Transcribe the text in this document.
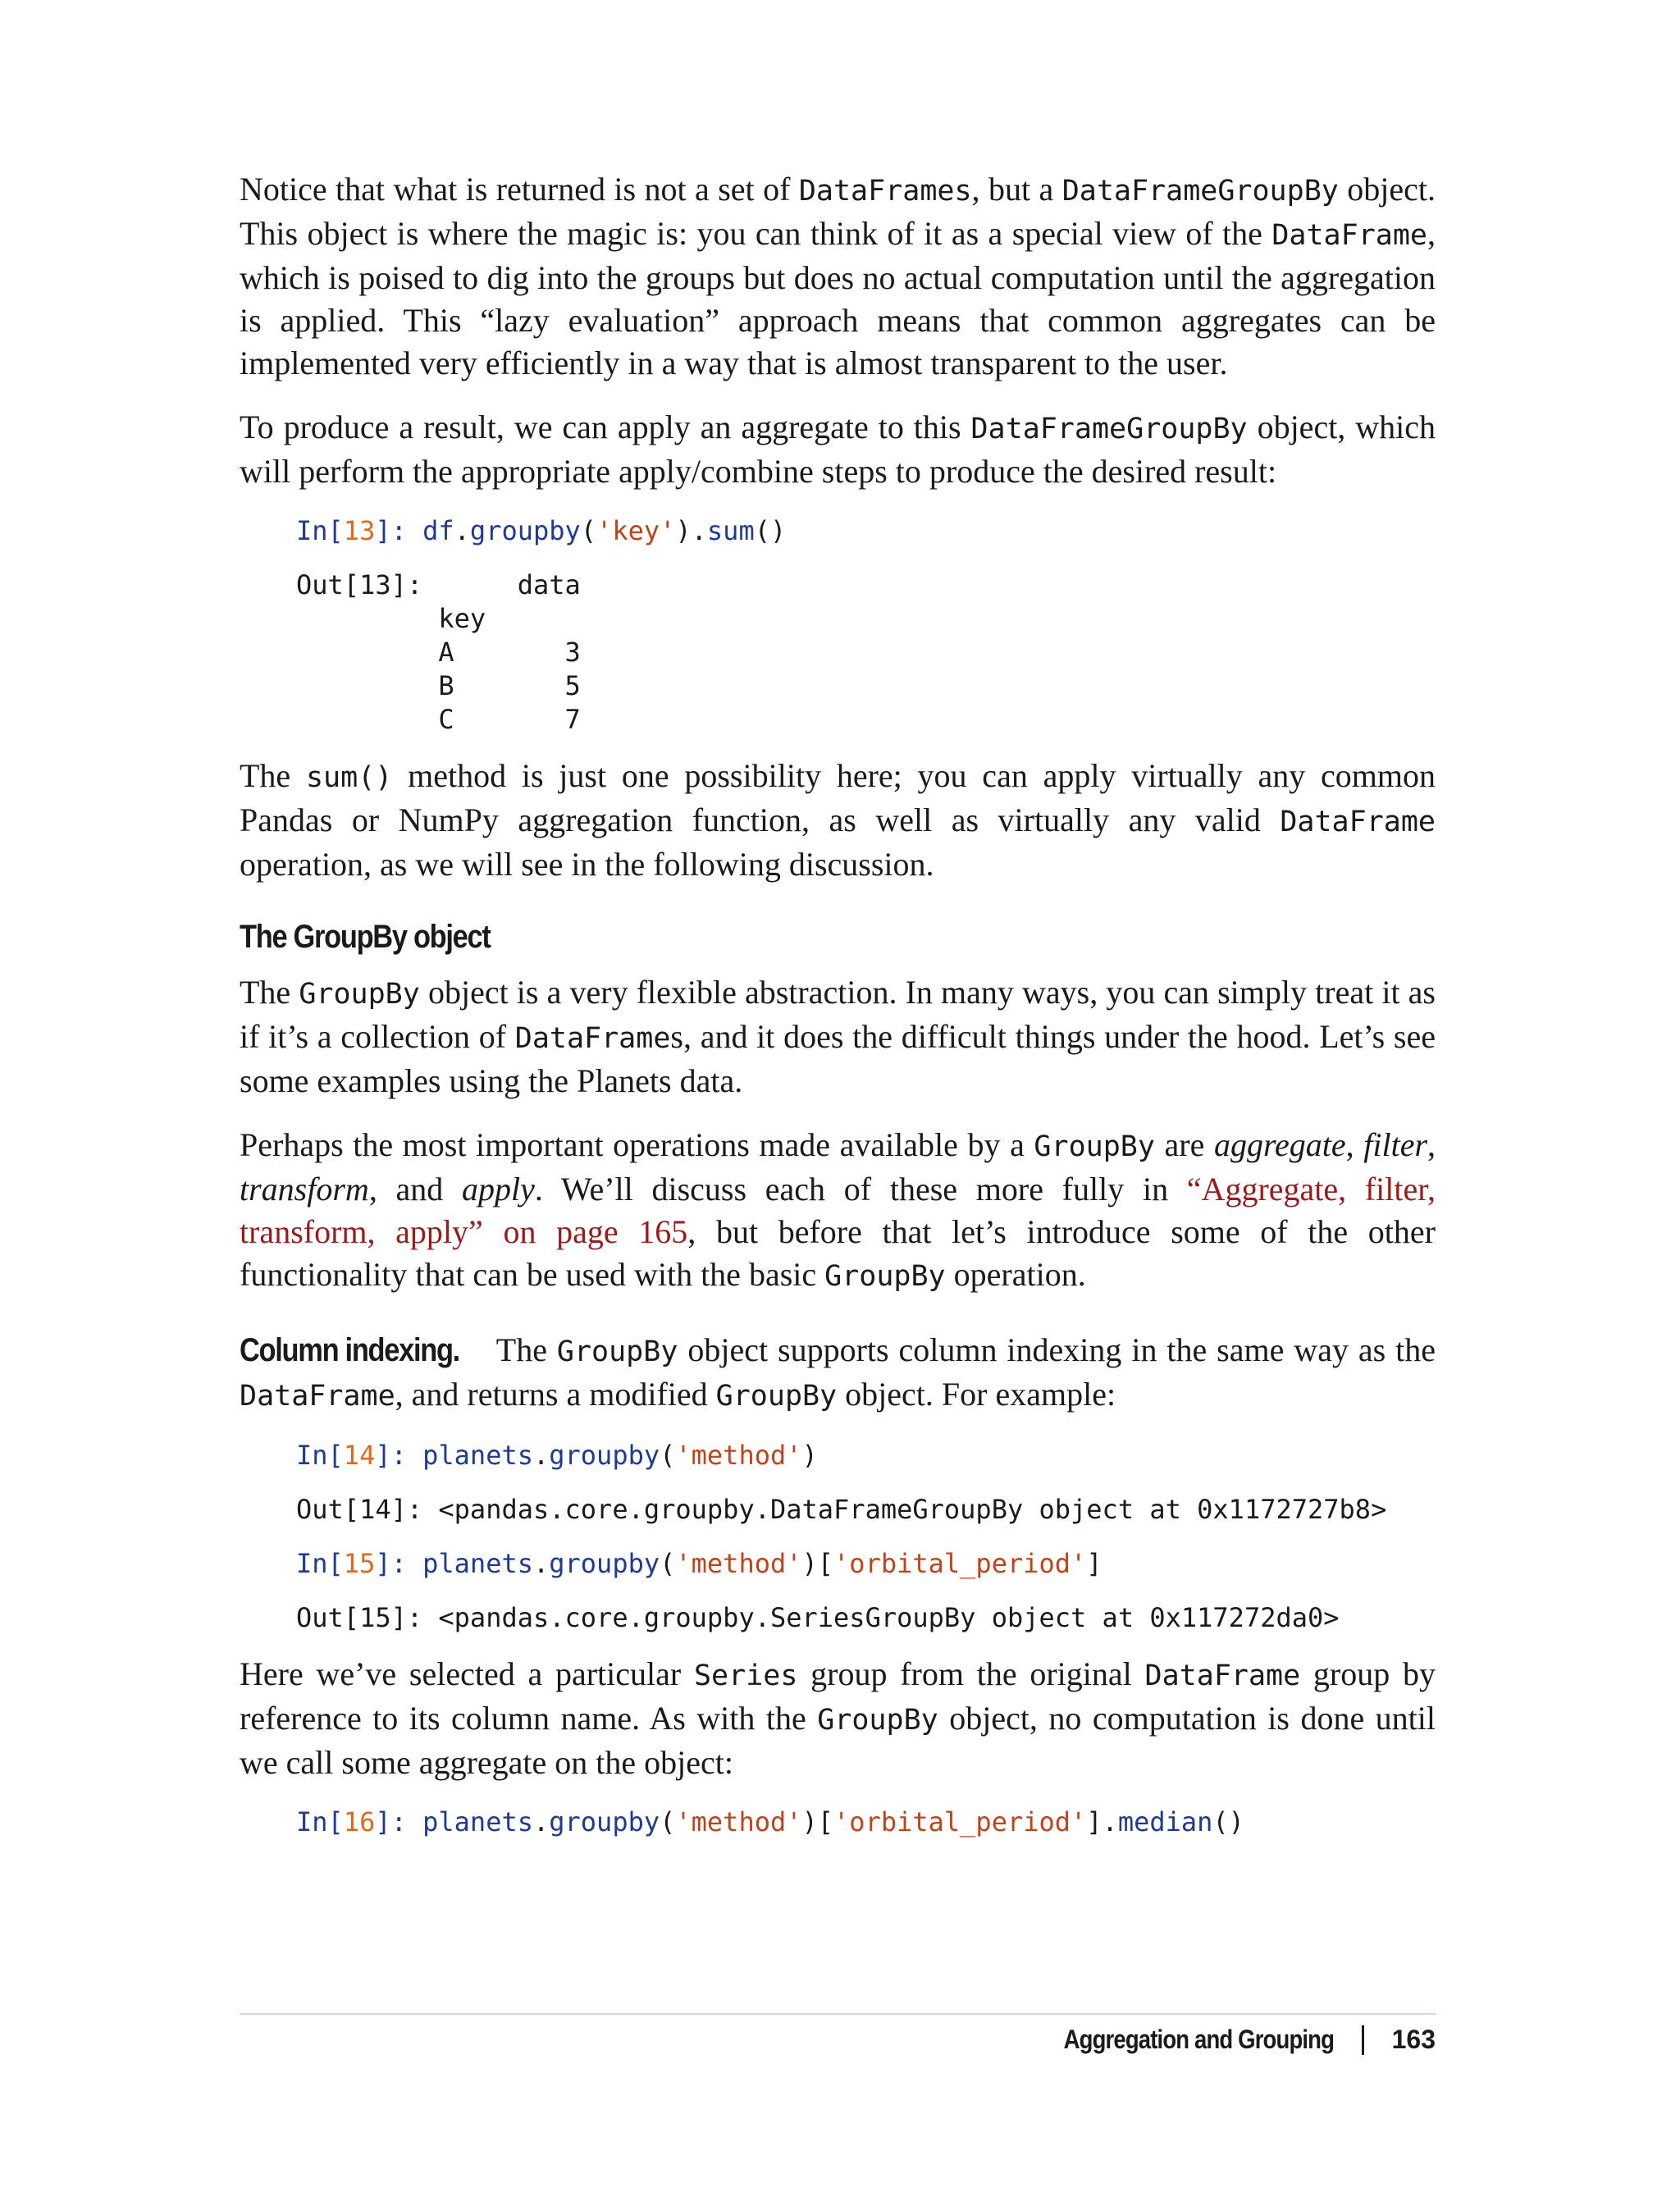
Notice that what is returned is not a set of DataFrames, but a DataFrameGroupBy object. This object is where the magic is: you can think of it as a special view of the DataFrame, which is poised to dig into the groups but does no actual computation until the aggregation is applied. This “lazy evaluation” approach means that common aggregates can be implemented very efficiently in a way that is almost transparent to the user.

To produce a result, we can apply an aggregate to this DataFrameGroupBy object, which will perform the appropriate apply/combine steps to produce the desired result:

In[13]: df.groupby('key').sum()
Out[13]:      data
key
A       3
B       5
C       7

The sum() method is just one possibility here; you can apply virtually any common Pandas or NumPy aggregation function, as well as virtually any valid DataFrame operation, as we will see in the following discussion.

The GroupBy object

The GroupBy object is a very flexible abstraction. In many ways, you can simply treat it as if it’s a collection of DataFrames, and it does the difficult things under the hood. Let’s see some examples using the Planets data.

Perhaps the most important operations made available by a GroupBy are aggregate, filter, transform, and apply. We’ll discuss each of these more fully in “Aggregate, filter, transform, apply” on page 165, but before that let’s introduce some of the other functionality that can be used with the basic GroupBy operation.

Column indexing. The GroupBy object supports column indexing in the same way as the DataFrame, and returns a modified GroupBy object. For example:

In[14]: planets.groupby('method')
Out[14]: <pandas.core.groupby.DataFrameGroupBy object at 0x1172727b8>
In[15]: planets.groupby('method')['orbital_period']
Out[15]: <pandas.core.groupby.SeriesGroupBy object at 0x117272da0>

Here we’ve selected a particular Series group from the original DataFrame group by reference to its column name. As with the GroupBy object, no computation is done until we call some aggregate on the object:

In[16]: planets.groupby('method')['orbital_period'].median()
Aggregation and Grouping 163
